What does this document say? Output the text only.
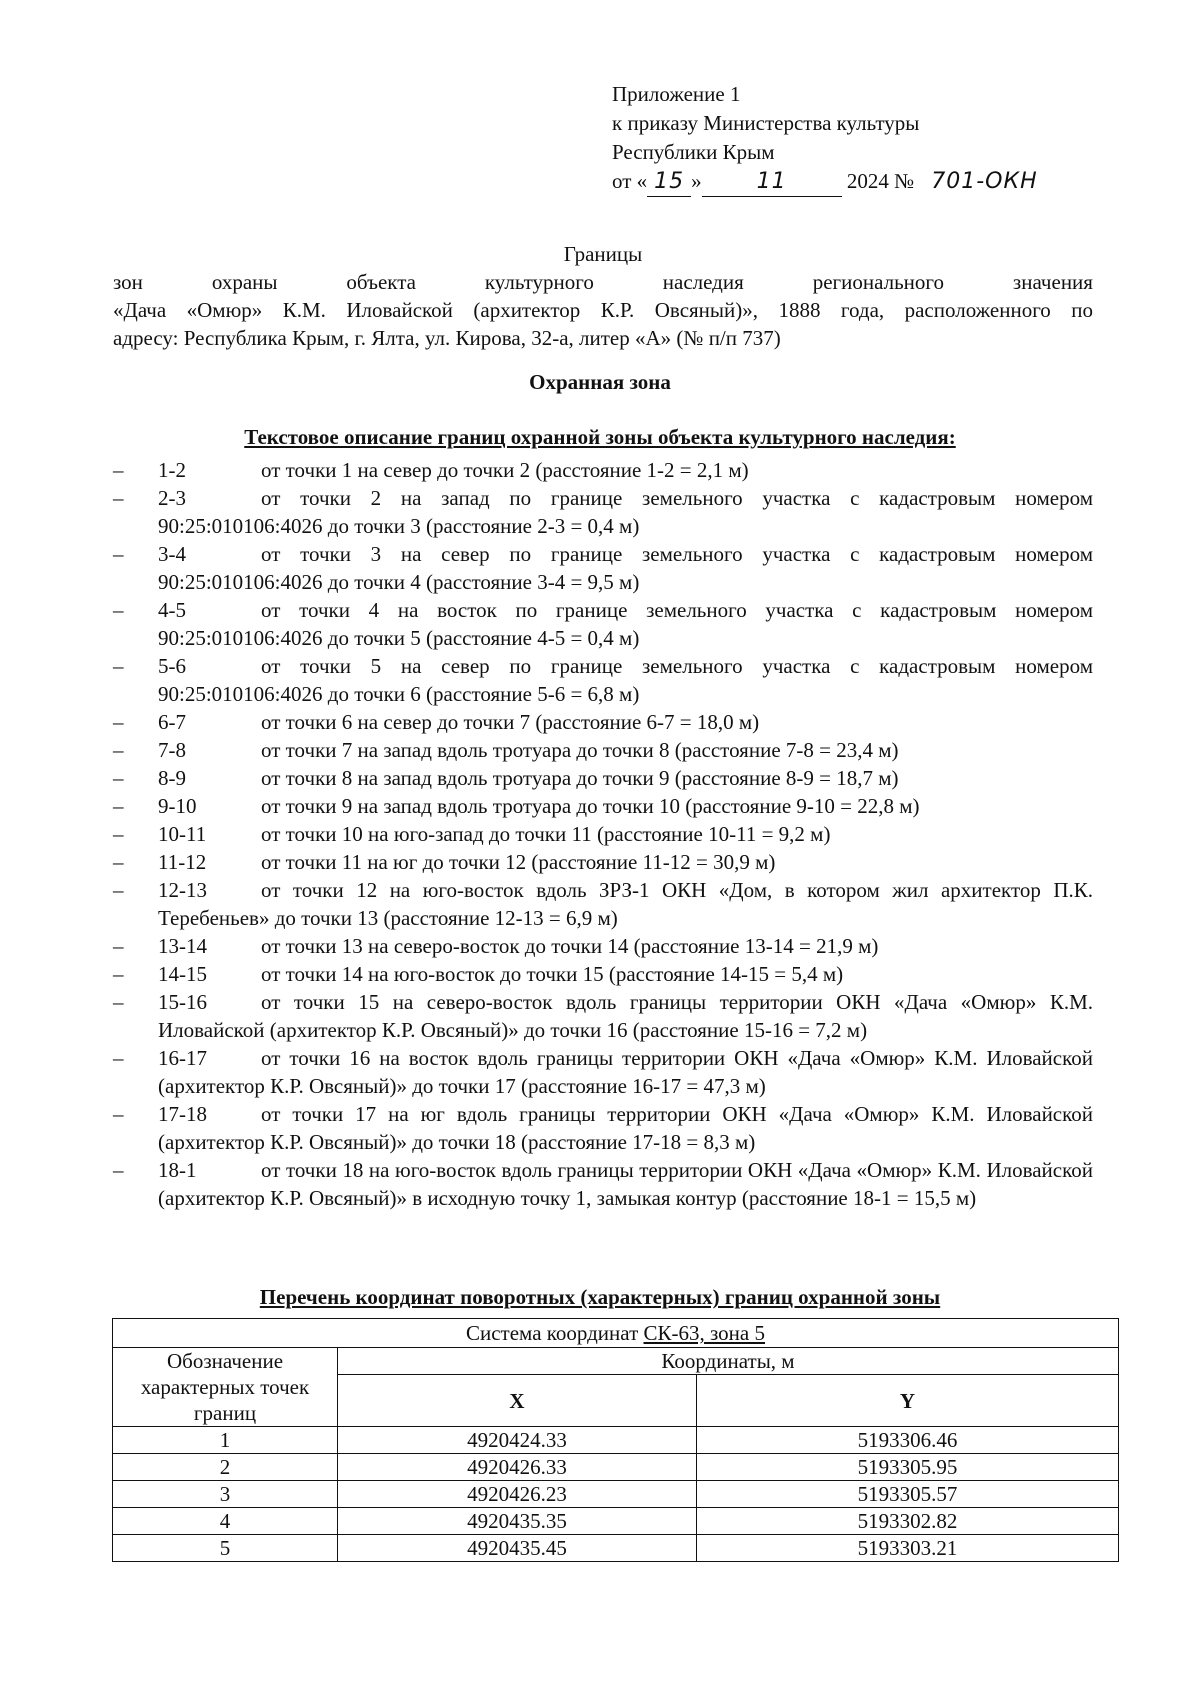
Приложение 1
к приказу Министерства культуры
Республики Крым
от « 15 »	11	2024 № 701-ОКН
Границы
зон	охраны	объекта	культурного	наследия	регионального	значения
«Дача «Омюр» К.М. Иловайской (архитектор К.Р. Овсяный)», 1888 года, расположенного по
адресу: Республика Крым, г. Ялта, ул. Кирова, 32-а, литер «А» (№ п/п 737)
Охранная зона
Текстовое описание границ охранной зоны объекта культурного наследия:
–	1-2	от точки 1 на север до точки 2 (расстояние 1-2 = 2,1 м)
–	2-3	от точки 2 на запад по границе земельного участка с кадастровым номером 90:25:010106:4026 до точки 3 (расстояние 2-3 = 0,4 м)
–	3-4	от точки 3 на север по границе земельного участка с кадастровым номером 90:25:010106:4026 до точки 4 (расстояние 3-4 = 9,5 м)
–	4-5	от точки 4 на восток по границе земельного участка с кадастровым номером 90:25:010106:4026 до точки 5 (расстояние 4-5 = 0,4 м)
–	5-6	от точки 5 на север по границе земельного участка с кадастровым номером 90:25:010106:4026 до точки 6 (расстояние 5-6 = 6,8 м)
–	6-7	от точки 6 на север до точки 7 (расстояние 6-7 = 18,0 м)
–	7-8	от точки 7 на запад вдоль тротуара до точки 8 (расстояние 7-8 = 23,4 м)
–	8-9	от точки 8 на запад вдоль тротуара до точки 9 (расстояние 8-9 = 18,7 м)
–	9-10	от точки 9 на запад вдоль тротуара до точки 10 (расстояние 9-10 = 22,8 м)
–	10-11	от точки 10 на юго-запад до точки 11 (расстояние 10-11 = 9,2 м)
–	11-12	от точки 11 на юг до точки 12 (расстояние 11-12 = 30,9 м)
–	12-13	от точки 12 на юго-восток вдоль ЗРЗ-1 ОКН «Дом, в котором жил архитектор П.К. Теребеньев» до точки 13 (расстояние 12-13 = 6,9 м)
–	13-14	от точки 13 на северо-восток до точки 14 (расстояние 13-14 = 21,9 м)
–	14-15	от точки 14 на юго-восток до точки 15 (расстояние 14-15 = 5,4 м)
–	15-16	от точки 15 на северо-восток вдоль границы территории ОКН «Дача «Омюр» К.М. Иловайской (архитектор К.Р. Овсяный)» до точки 16 (расстояние 15-16 = 7,2 м)
–	16-17	от точки 16 на восток вдоль границы территории ОКН «Дача «Омюр» К.М. Иловайской (архитектор К.Р. Овсяный)» до точки 17 (расстояние 16-17 = 47,3 м)
–	17-18	от точки 17 на юг вдоль границы территории ОКН «Дача «Омюр» К.М. Иловайской (архитектор К.Р. Овсяный)» до точки 18 (расстояние 17-18 = 8,3 м)
–	18-1	от точки 18 на юго-восток вдоль границы территории ОКН «Дача «Омюр» К.М. Иловайской (архитектор К.Р. Овсяный)» в исходную точку 1, замыкая контур (расстояние 18-1 = 15,5 м)
Перечень координат поворотных (характерных) границ охранной зоны
Система координат СК-63, зона 5		
Обозначение характерных точек границ	Координаты, м	
	X	Y
1	4920424.33	5193306.46
2	4920426.33	5193305.95
3	4920426.23	5193305.57
4	4920435.35	5193302.82
5	4920435.45	5193303.21
